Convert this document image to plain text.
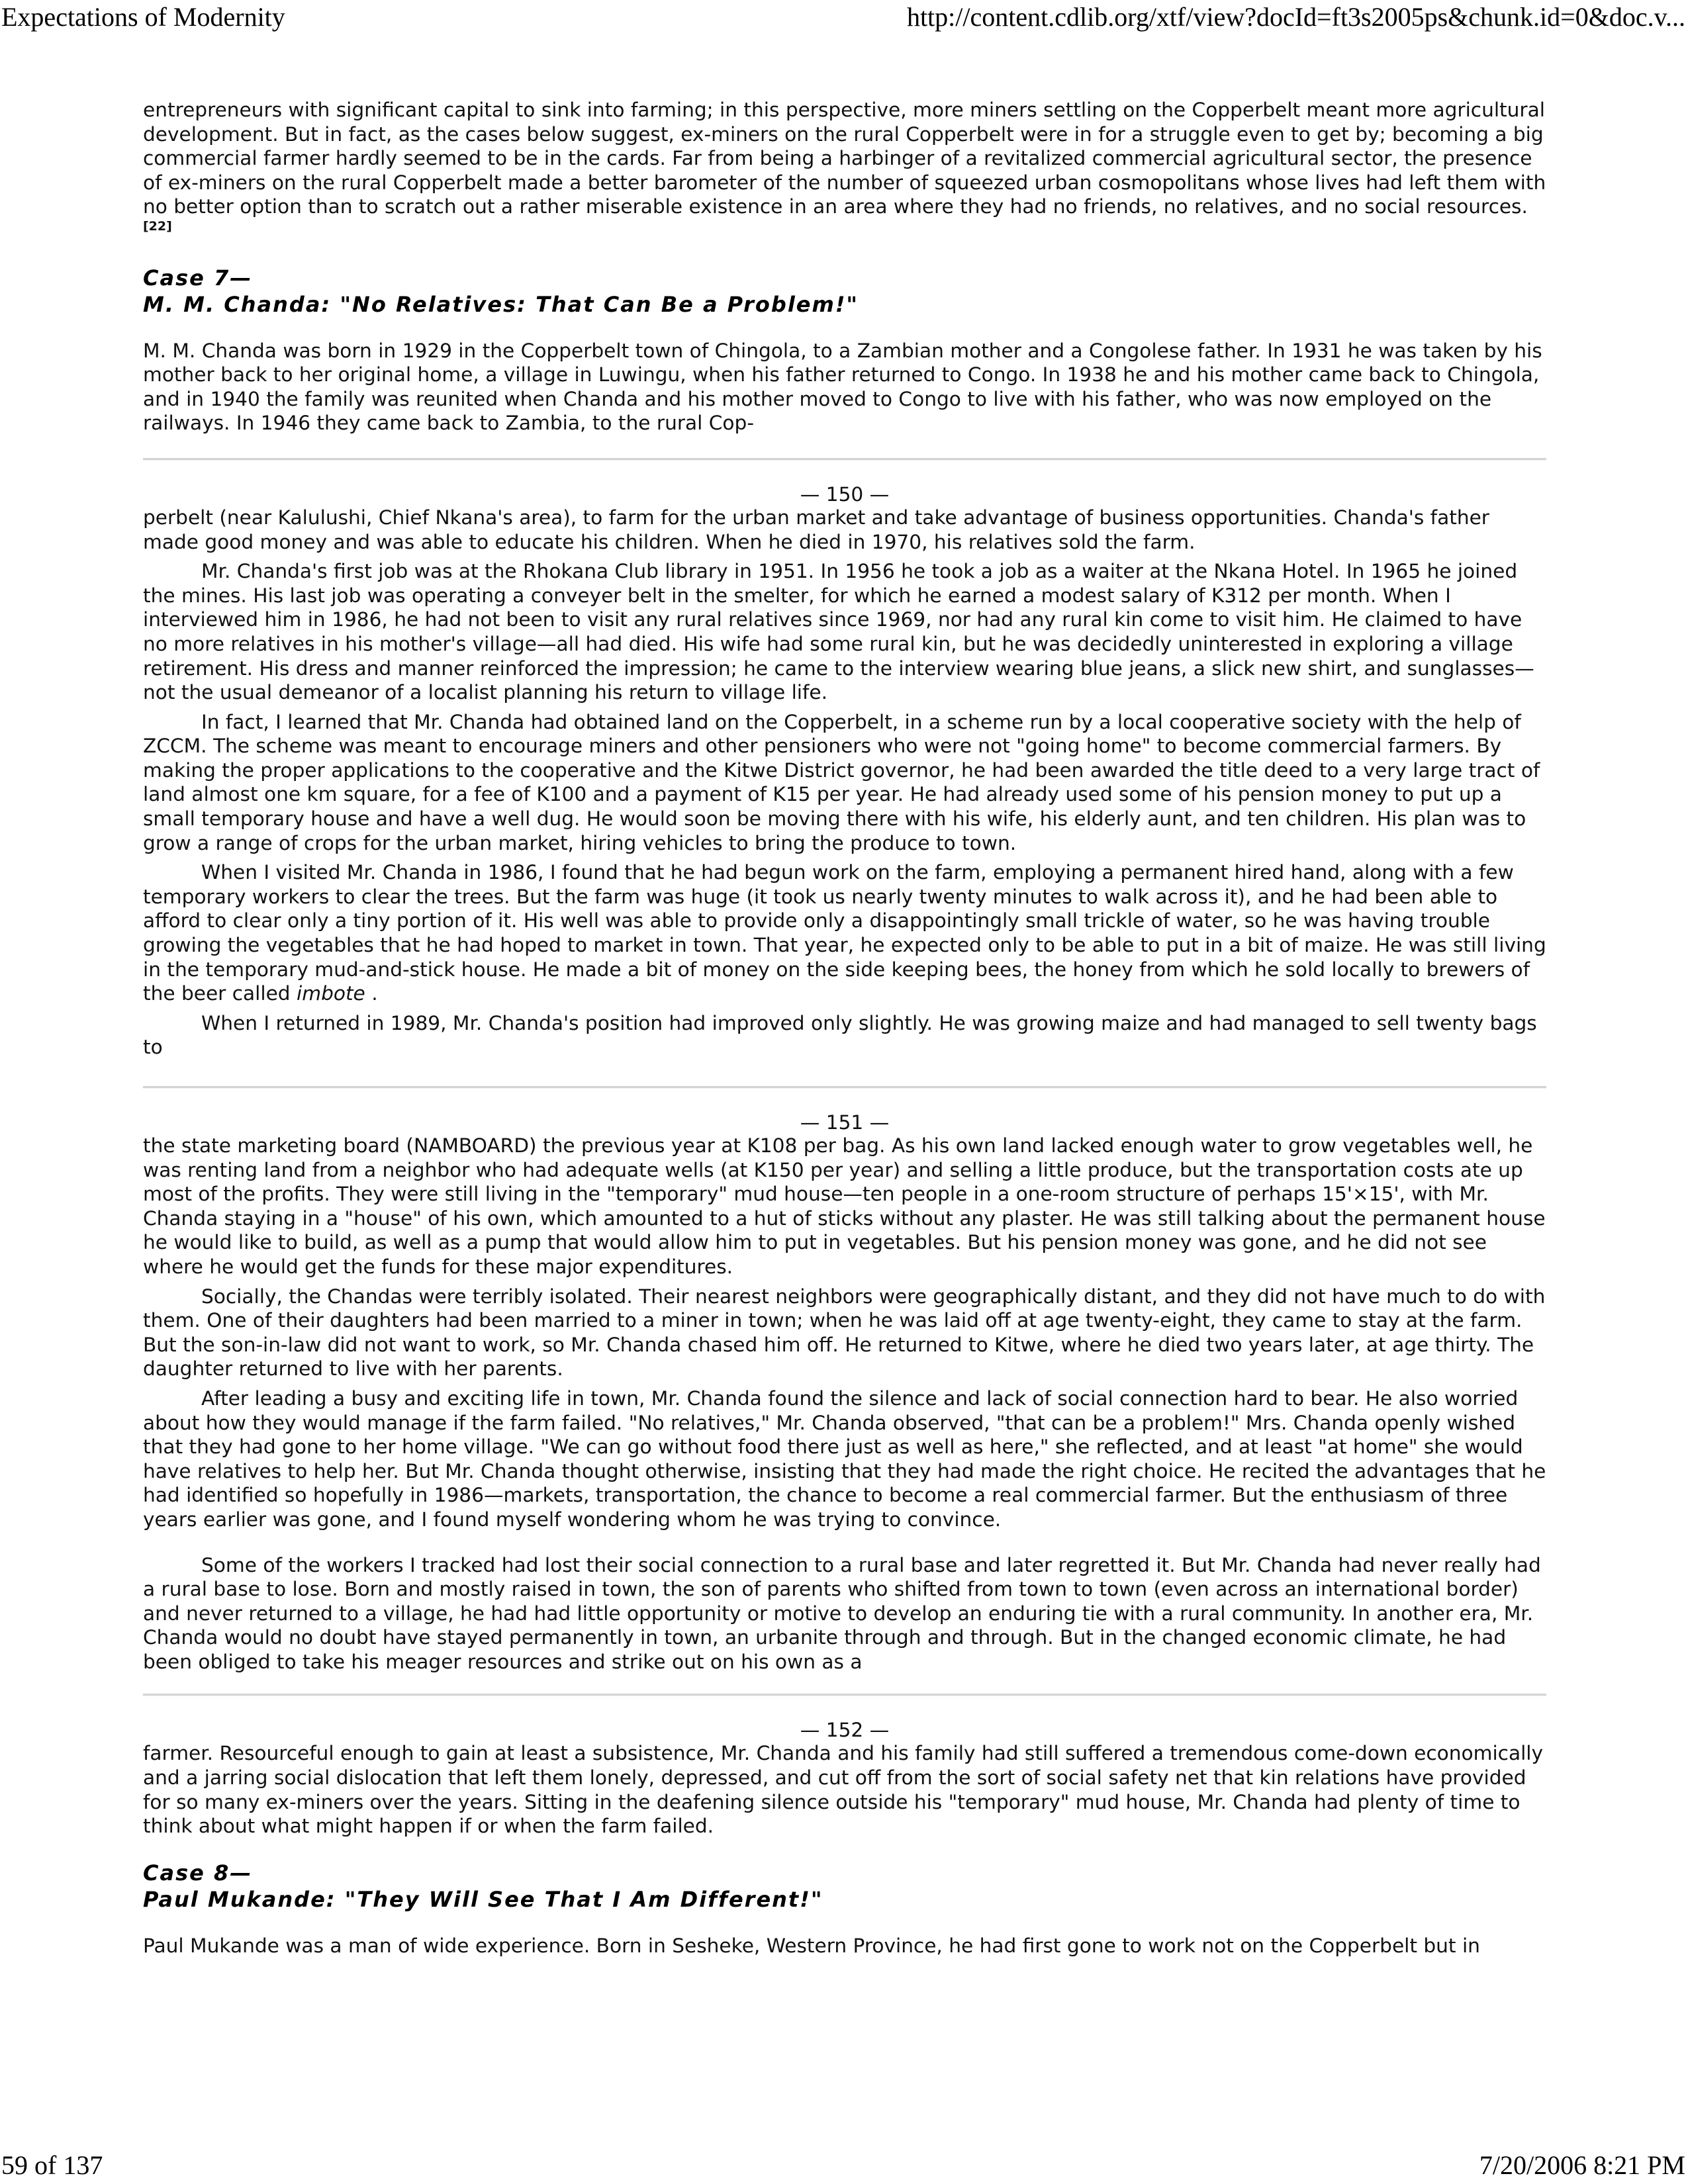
Expectations of Modernity	http://content.cdlib.org/xtf/view?docId=ft3s2005ps&chunk.id=0&doc.v...

entrepreneurs with significant capital to sink into farming; in this perspective, more miners settling on the Copperbelt meant more agricultural development. But in fact, as the cases below suggest, ex-miners on the rural Copperbelt were in for a struggle even to get by; becoming a big commercial farmer hardly seemed to be in the cards. Far from being a harbinger of a revitalized commercial agricultural sector, the presence of ex-miners on the rural Copperbelt made a better barometer of the number of squeezed urban cosmopolitans whose lives had left them with no better option than to scratch out a rather miserable existence in an area where they had no friends, no relatives, and no social resources.[22]

Case 7—
M. M. Chanda: "No Relatives: That Can Be a Problem!"

M. M. Chanda was born in 1929 in the Copperbelt town of Chingola, to a Zambian mother and a Congolese father. In 1931 he was taken by his mother back to her original home, a village in Luwingu, when his father returned to Congo. In 1938 he and his mother came back to Chingola, and in 1940 the family was reunited when Chanda and his mother moved to Congo to live with his father, who was now employed on the railways. In 1946 they came back to Zambia, to the rural Cop-

— 150 —

perbelt (near Kalulushi, Chief Nkana's area), to farm for the urban market and take advantage of business opportunities. Chanda's father made good money and was able to educate his children. When he died in 1970, his relatives sold the farm.

Mr. Chanda's first job was at the Rhokana Club library in 1951. In 1956 he took a job as a waiter at the Nkana Hotel. In 1965 he joined the mines. His last job was operating a conveyer belt in the smelter, for which he earned a modest salary of K312 per month. When I interviewed him in 1986, he had not been to visit any rural relatives since 1969, nor had any rural kin come to visit him. He claimed to have no more relatives in his mother's village—all had died. His wife had some rural kin, but he was decidedly uninterested in exploring a village retirement. His dress and manner reinforced the impression; he came to the interview wearing blue jeans, a slick new shirt, and sunglasses—not the usual demeanor of a localist planning his return to village life.

In fact, I learned that Mr. Chanda had obtained land on the Copperbelt, in a scheme run by a local cooperative society with the help of ZCCM. The scheme was meant to encourage miners and other pensioners who were not "going home" to become commercial farmers. By making the proper applications to the cooperative and the Kitwe District governor, he had been awarded the title deed to a very large tract of land almost one km square, for a fee of K100 and a payment of K15 per year. He had already used some of his pension money to put up a small temporary house and have a well dug. He would soon be moving there with his wife, his elderly aunt, and ten children. His plan was to grow a range of crops for the urban market, hiring vehicles to bring the produce to town.

When I visited Mr. Chanda in 1986, I found that he had begun work on the farm, employing a permanent hired hand, along with a few temporary workers to clear the trees. But the farm was huge (it took us nearly twenty minutes to walk across it), and he had been able to afford to clear only a tiny portion of it. His well was able to provide only a disappointingly small trickle of water, so he was having trouble growing the vegetables that he had hoped to market in town. That year, he expected only to be able to put in a bit of maize. He was still living in the temporary mud-and-stick house. He made a bit of money on the side keeping bees, the honey from which he sold locally to brewers of the beer called imbote .

When I returned in 1989, Mr. Chanda's position had improved only slightly. He was growing maize and had managed to sell twenty bags to

— 151 —

the state marketing board (NAMBOARD) the previous year at K108 per bag. As his own land lacked enough water to grow vegetables well, he was renting land from a neighbor who had adequate wells (at K150 per year) and selling a little produce, but the transportation costs ate up most of the profits. They were still living in the "temporary" mud house—ten people in a one-room structure of perhaps 15'×15', with Mr. Chanda staying in a "house" of his own, which amounted to a hut of sticks without any plaster. He was still talking about the permanent house he would like to build, as well as a pump that would allow him to put in vegetables. But his pension money was gone, and he did not see where he would get the funds for these major expenditures.

Socially, the Chandas were terribly isolated. Their nearest neighbors were geographically distant, and they did not have much to do with them. One of their daughters had been married to a miner in town; when he was laid off at age twenty-eight, they came to stay at the farm. But the son-in-law did not want to work, so Mr. Chanda chased him off. He returned to Kitwe, where he died two years later, at age thirty. The daughter returned to live with her parents.

After leading a busy and exciting life in town, Mr. Chanda found the silence and lack of social connection hard to bear. He also worried about how they would manage if the farm failed. "No relatives," Mr. Chanda observed, "that can be a problem!" Mrs. Chanda openly wished that they had gone to her home village. "We can go without food there just as well as here," she reflected, and at least "at home" she would have relatives to help her. But Mr. Chanda thought otherwise, insisting that they had made the right choice. He recited the advantages that he had identified so hopefully in 1986—markets, transportation, the chance to become a real commercial farmer. But the enthusiasm of three years earlier was gone, and I found myself wondering whom he was trying to convince.

Some of the workers I tracked had lost their social connection to a rural base and later regretted it. But Mr. Chanda had never really had a rural base to lose. Born and mostly raised in town, the son of parents who shifted from town to town (even across an international border) and never returned to a village, he had had little opportunity or motive to develop an enduring tie with a rural community. In another era, Mr. Chanda would no doubt have stayed permanently in town, an urbanite through and through. But in the changed economic climate, he had been obliged to take his meager resources and strike out on his own as a

— 152 —

farmer. Resourceful enough to gain at least a subsistence, Mr. Chanda and his family had still suffered a tremendous come-down economically and a jarring social dislocation that left them lonely, depressed, and cut off from the sort of social safety net that kin relations have provided for so many ex-miners over the years. Sitting in the deafening silence outside his "temporary" mud house, Mr. Chanda had plenty of time to think about what might happen if or when the farm failed.

Case 8—
Paul Mukande: "They Will See That I Am Different!"

Paul Mukande was a man of wide experience. Born in Sesheke, Western Province, he had first gone to work not on the Copperbelt but in

59 of 137	7/20/2006 8:21 PM
